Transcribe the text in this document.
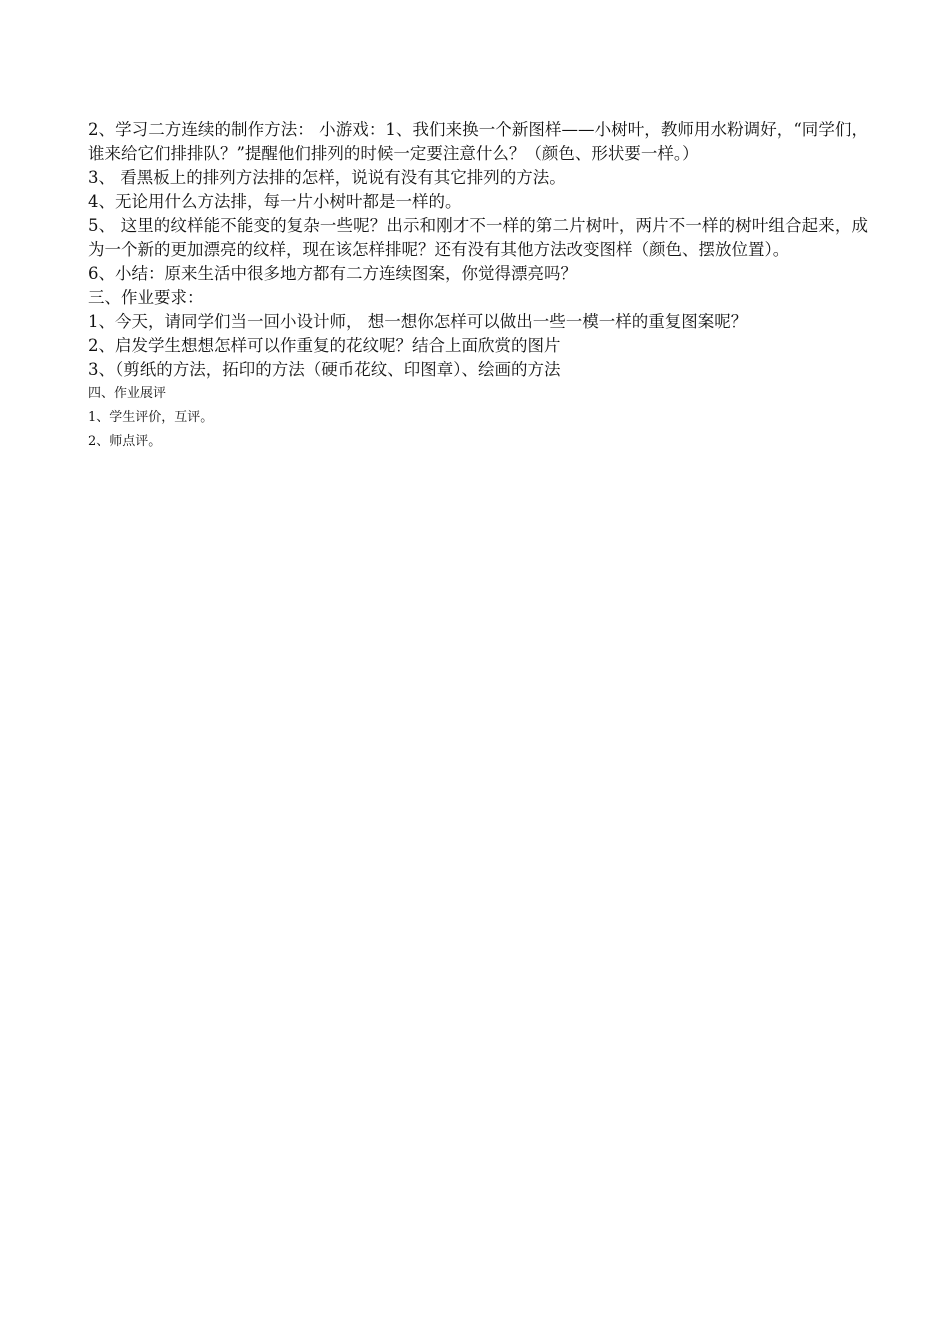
2、学习二方连续的制作方法： 小游戏：1、我们来换一个新图样——小树叶，教师用水粉调好，“同学们，谁来给它们排排队？”提醒他们排列的时候一定要注意什么？（颜色、形状要一样。）
3、 看黑板上的排列方法排的怎样，说说有没有其它排列的方法。
4、无论用什么方法排，每一片小树叶都是一样的。
5、 这里的纹样能不能变的复杂一些呢？出示和刚才不一样的第二片树叶，两片不一样的树叶组合起来，成为一个新的更加漂亮的纹样，现在该怎样排呢？还有没有其他方法改变图样（颜色、摆放位置）。
6、小结：原来生活中很多地方都有二方连续图案，你觉得漂亮吗？
三、作业要求：
1、今天，请同学们当一回小设计师， 想一想你怎样可以做出一些一模一样的重复图案呢？
2、启发学生想想怎样可以作重复的花纹呢？结合上面欣赏的图片
3、（剪纸的方法，拓印的方法（硬币花纹、印图章）、绘画的方法
四、作业展评
1、学生评价，互评。
2、师点评。
